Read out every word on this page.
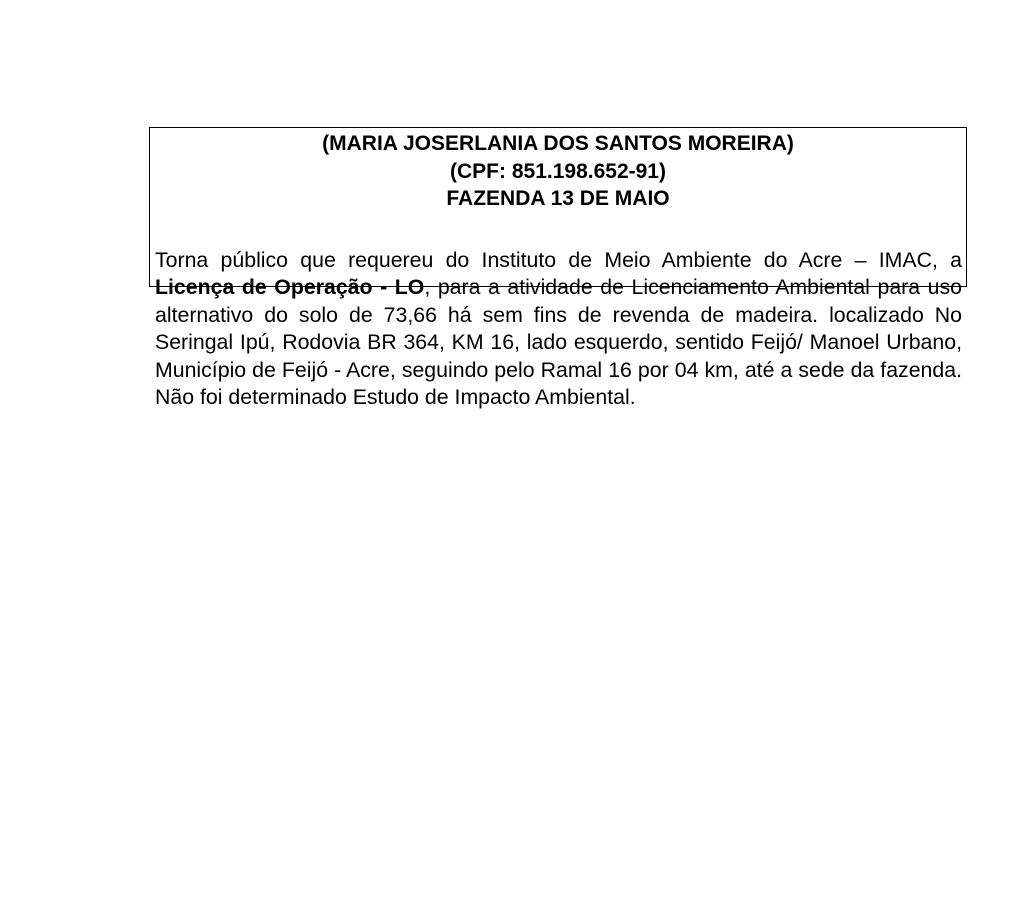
(MARIA JOSERLANIA DOS SANTOS MOREIRA)
(CPF: 851.198.652-91)
FAZENDA 13 DE MAIO

Torna público que requereu do Instituto de Meio Ambiente do Acre – IMAC, a Licença de Operação - LO, para a atividade de Licenciamento Ambiental para uso alternativo do solo de 73,66 há sem fins de revenda de madeira. localizado No Seringal Ipú, Rodovia BR 364, KM 16, lado esquerdo, sentido Feijó/ Manoel Urbano, Município de Feijó - Acre, seguindo pelo Ramal 16 por 04 km, até a sede da fazenda. Não foi determinado Estudo de Impacto Ambiental.
